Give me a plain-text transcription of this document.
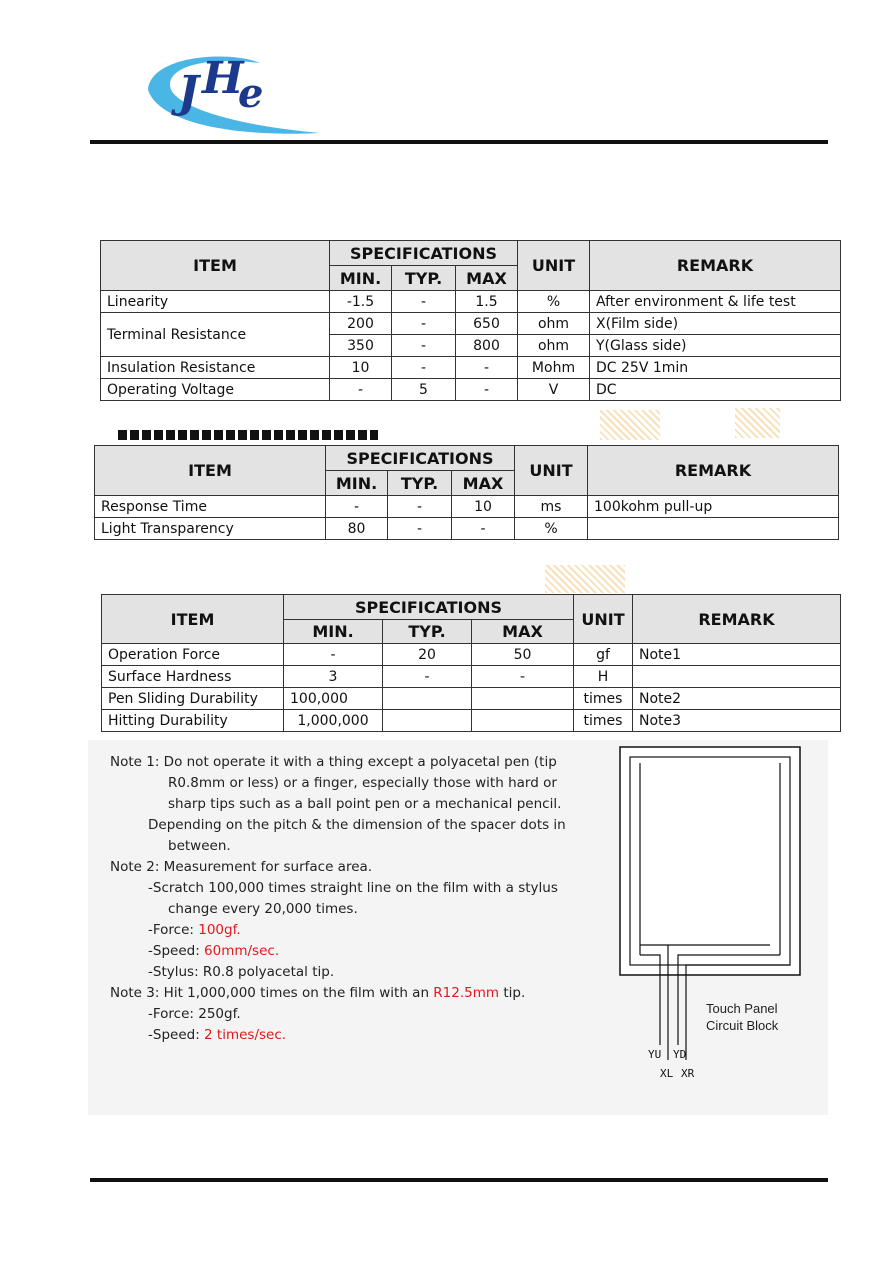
J H
e
ITEM	SPECIFICATIONS			UNIT	REMARK
	MIN.	TYP.	MAX		
Linearity	-1.5	-	1.5	%	After environment & life test
Terminal Resistance	200	-	650	ohm	X(Film side)
	350	-	800	ohm	Y(Glass side)
Insulation Resistance	10	-	-	Mohm	DC 25V 1min
Operating Voltage	-	5	-	V	DC
ITEM	SPECIFICATIONS			UNIT	REMARK
	MIN.	TYP.	MAX		
Response Time	-	-	10	ms	100kohm pull-up
Light Transparency	80	-	-	%	
ITEM	SPECIFICATIONS			UNIT	REMARK
	MIN.	TYP.	MAX		
Operation Force	-	20	50	gf	Note1
Surface Hardness	3	-	-	H	
Pen Sliding Durability	100,000			times	Note2
Hitting Durability	1,000,000			times	Note3
Note 1: Do not operate it with a thing except a polyacetal pen (tip
R0.8mm or less) or a finger, especially those with hard or
sharp tips such as a ball point pen or a mechanical pencil.
Depending on the pitch & the dimension of the spacer dots in
between.
Note 2: Measurement for surface area.
-Scratch 100,000 times straight line on the film with a stylus
change every 20,000 times.
-Force: 100gf.
-Speed: 60mm/sec.
-Stylus: R0.8 polyacetal tip.
Note 3: Hit 1,000,000 times on the film with an R12.5mm tip.
-Force: 250gf.
-Speed: 2 times/sec.
Touch Panel
Circuit Block
YU YD
XL XR
